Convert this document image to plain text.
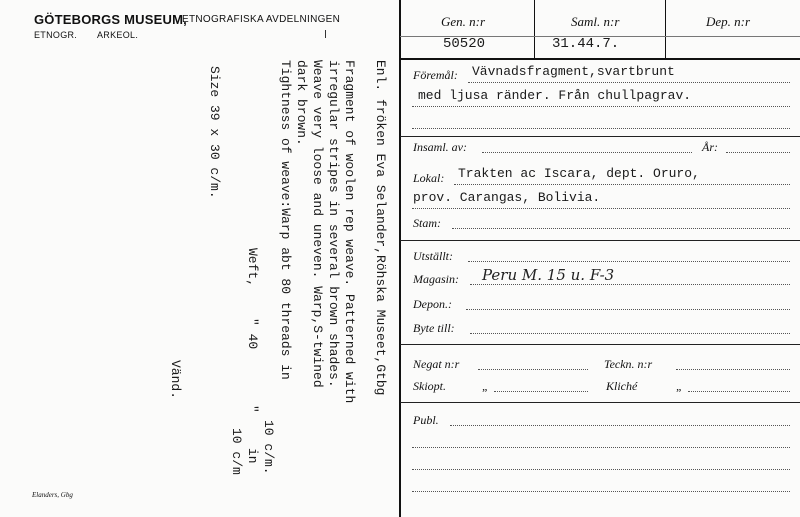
GÖTEBORGS MUSEUM,
ETNOGRAFISKA AVDELNINGEN
ETNOGR. ARKEOL.
Elanders, Gbg
Enl. fröken Eva Selander,Röhska Museet,Gtbg
Fragment of woolen rep weave. Patterned with
irregular stripes in several brown shades.
Weave very loose and uneven. Warp,S-twined
dark brown.
Tightness of weave:Warp abt 80 threads in
10 c/m.
Weft,
" 40
"
in
10 c/m
Size 39 x 30 c/m.
Vänd.
Gen. n:r	Saml. n:r	Dep. n:r
50520	31.44.7.
Föremål: Vävnadsfragment,svartbrunt
med ljusa ränder. Från chullpagrav.
Insaml. av:	År:
Lokal: Trakten ac Iscara, dept. Oruro,
prov. Carangas, Bolivia.
Stam:
Utställt:
Magasin: Peru M. 15 u. F-3
Depon.:
Byte till:
Negat n:r	Teckn. n:r
Skiopt.	„	Kliché	„
Publ.
